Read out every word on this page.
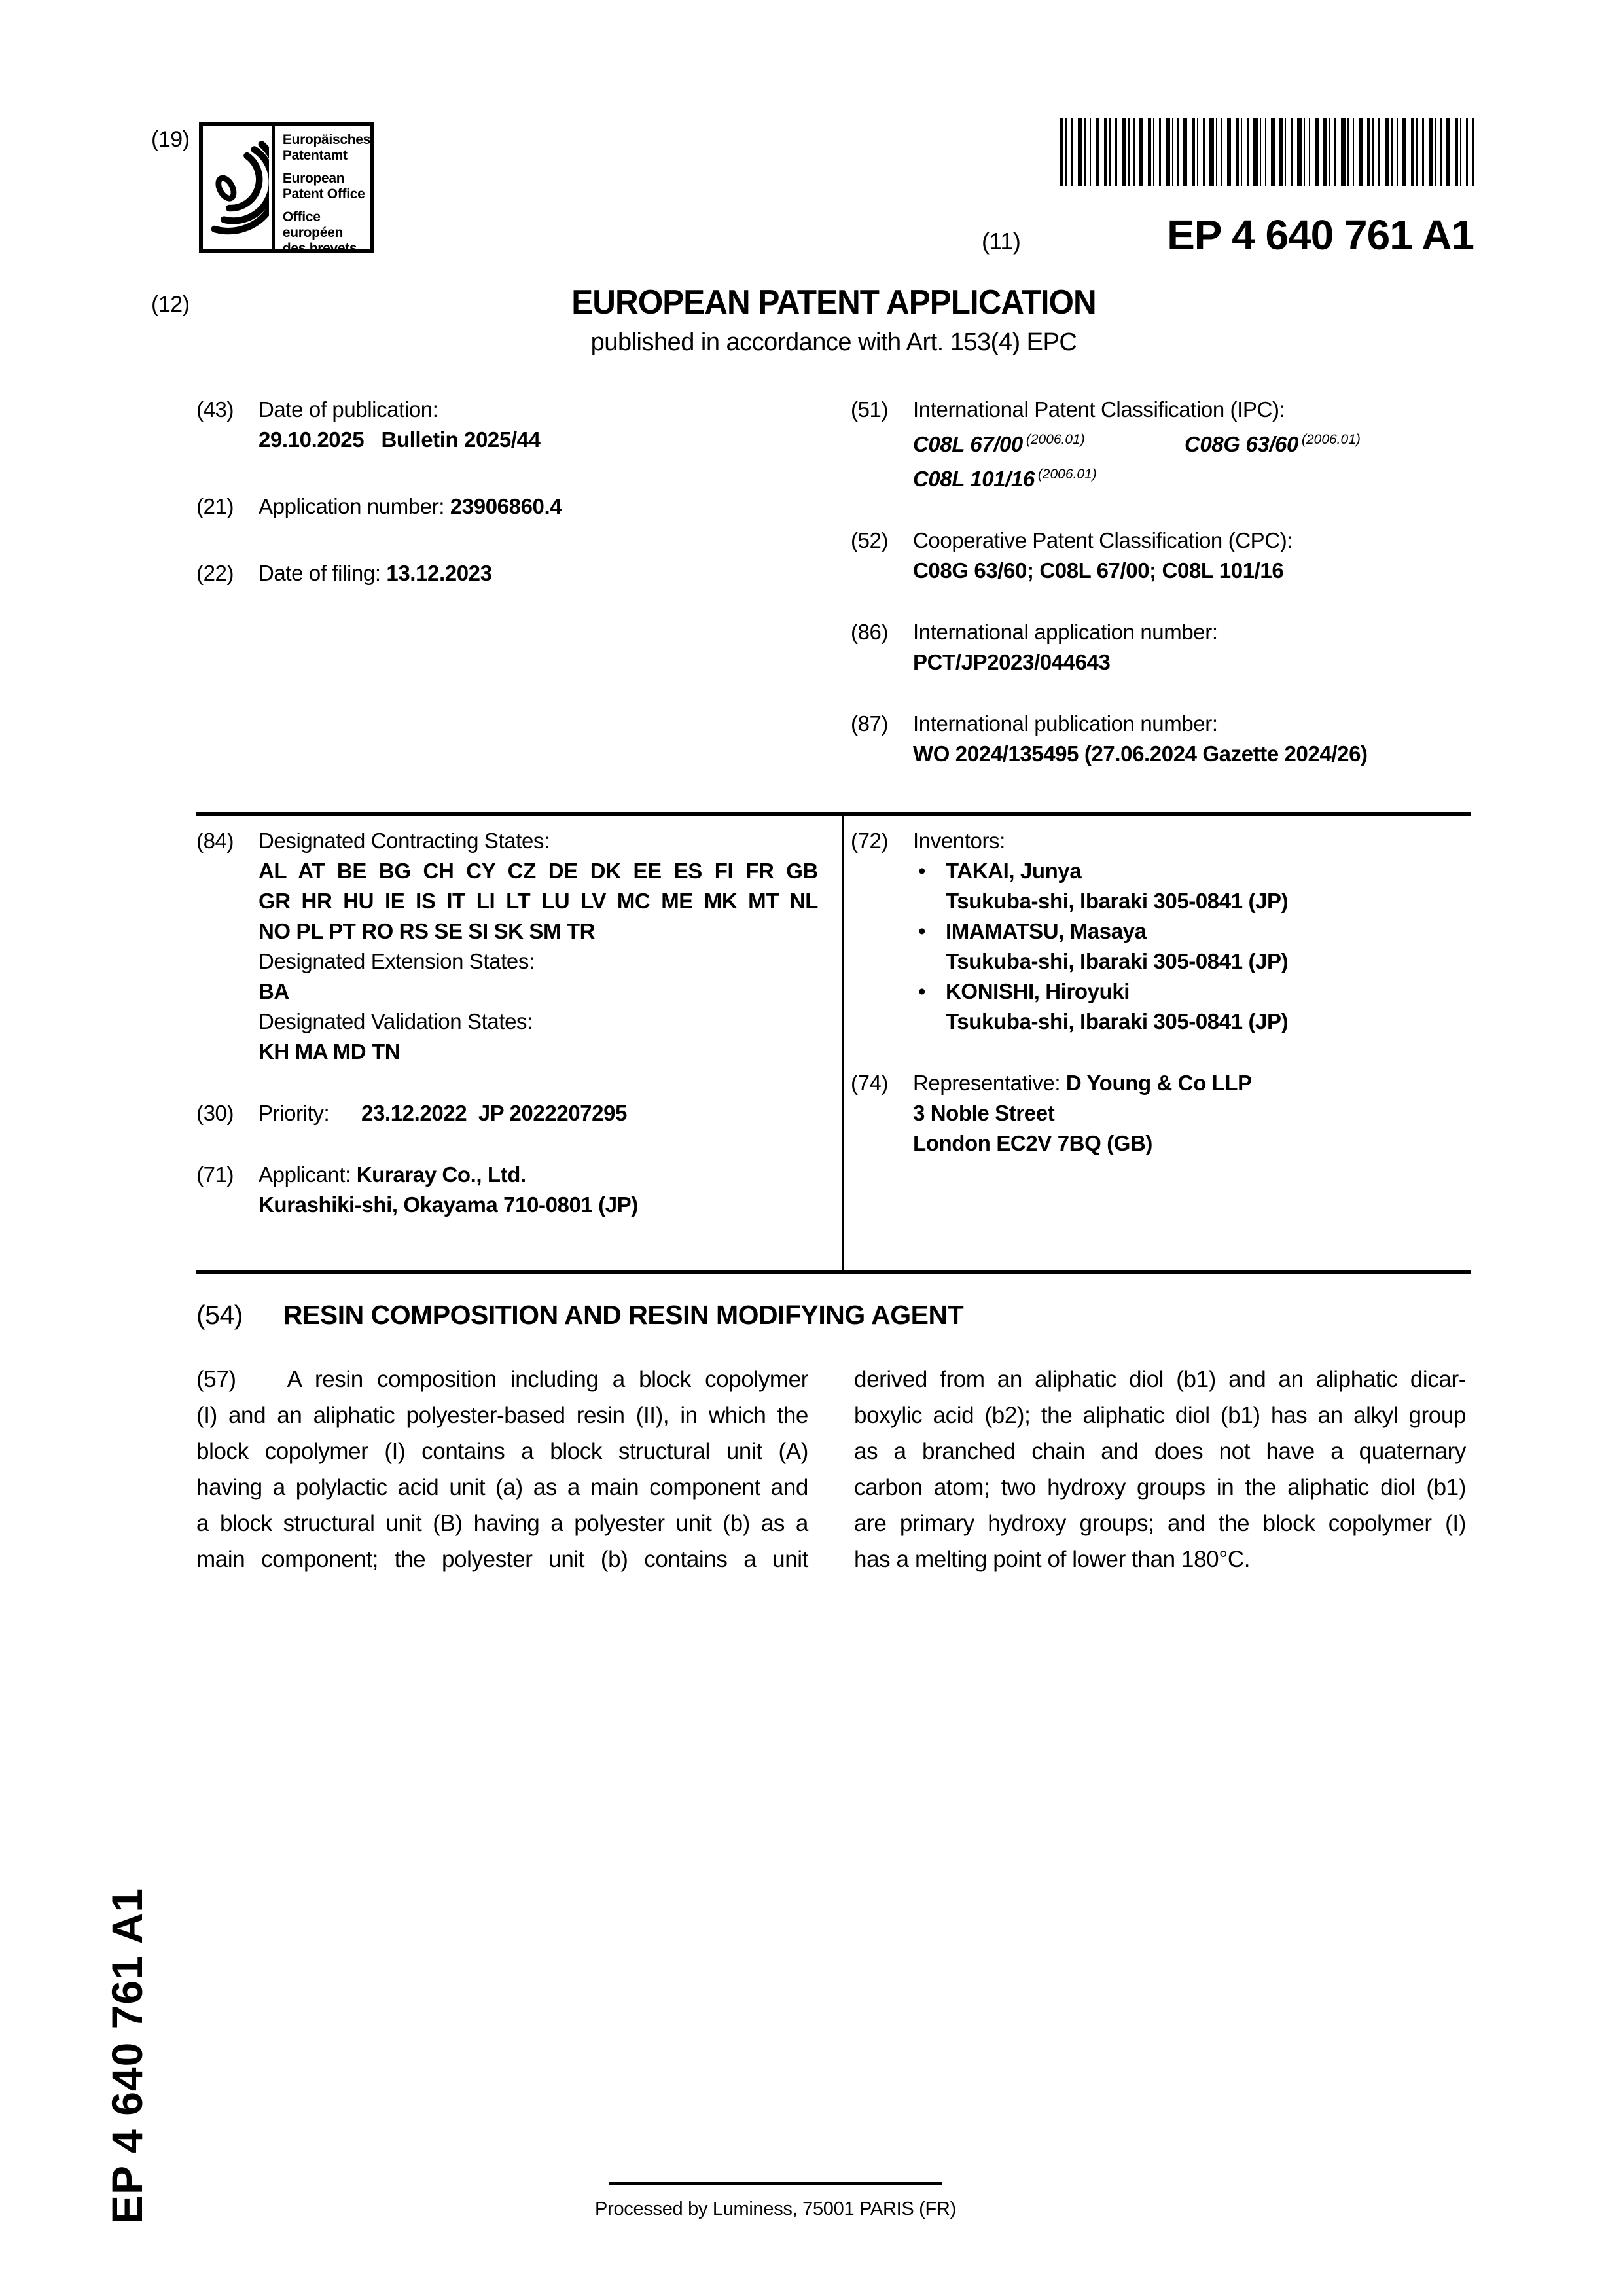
(19)	Europäisches
Patentamt
European
Patent Office
Office européen
des brevets	(11)	EP 4 640 761 A1
(12)	EUROPEAN PATENT APPLICATION
published in accordance with Art. 153(4) EPC
(43) Date of publication:
29.10.2025   Bulletin 2025/44
(21) Application number: 23906860.4
(22) Date of filing: 13.12.2023
(51) International Patent Classification (IPC):
C08L 67/00 $^{(2006.01)}$	C08G 63/60 $^{(2006.01)}$
C08L 101/16 $^{(2006.01)}$
(52) Cooperative Patent Classification (CPC):
C08G 63/60; C08L 67/00; C08L 101/16
(86) International application number:
PCT/JP2023/044643
(87) International publication number:
WO 2024/135495 (27.06.2024 Gazette 2024/26)
(84) Designated Contracting States:
AL AT BE BG CH CY CZ DE DK EE ES FI FR GB
GR HR HU IE IS IT LI LT LU LV MC ME MK MT NL
NO PL PT RO RS SE SI SK SM TR
Designated Extension States:
BA
Designated Validation States:
KH MA MD TN
(30) Priority: 23.12.2022  JP 2022207295
(71) Applicant: Kuraray Co., Ltd.
Kurashiki-shi, Okayama 710-0801 (JP)
(72) Inventors:
• TAKAI, Junya
Tsukuba-shi, Ibaraki 305-0841 (JP)
• IMAMATSU, Masaya
Tsukuba-shi, Ibaraki 305-0841 (JP)
• KONISHI, Hiroyuki
Tsukuba-shi, Ibaraki 305-0841 (JP)
(74) Representative: D Young & Co LLP
3 Noble Street
London EC2V 7BQ (GB)
(54) RESIN COMPOSITION AND RESIN MODIFYING AGENT
(57) A resin composition including a block copolymer
(I) and an aliphatic polyester-based resin (II), in which the
block copolymer (I) contains a block structural unit (A)
having a polylactic acid unit (a) as a main component and
a block structural unit (B) having a polyester unit (b) as a
main component; the polyester unit (b) contains a unit
derived from an aliphatic diol (b1) and an aliphatic dicar-
boxylic acid (b2); the aliphatic diol (b1) has an alkyl group
as a branched chain and does not have a quaternary
carbon atom; two hydroxy groups in the aliphatic diol (b1)
are primary hydroxy groups; and the block copolymer (I)
has a melting point of lower than 180°C.
EP 4 640 761 A1	Processed by Luminess, 75001 PARIS (FR)
